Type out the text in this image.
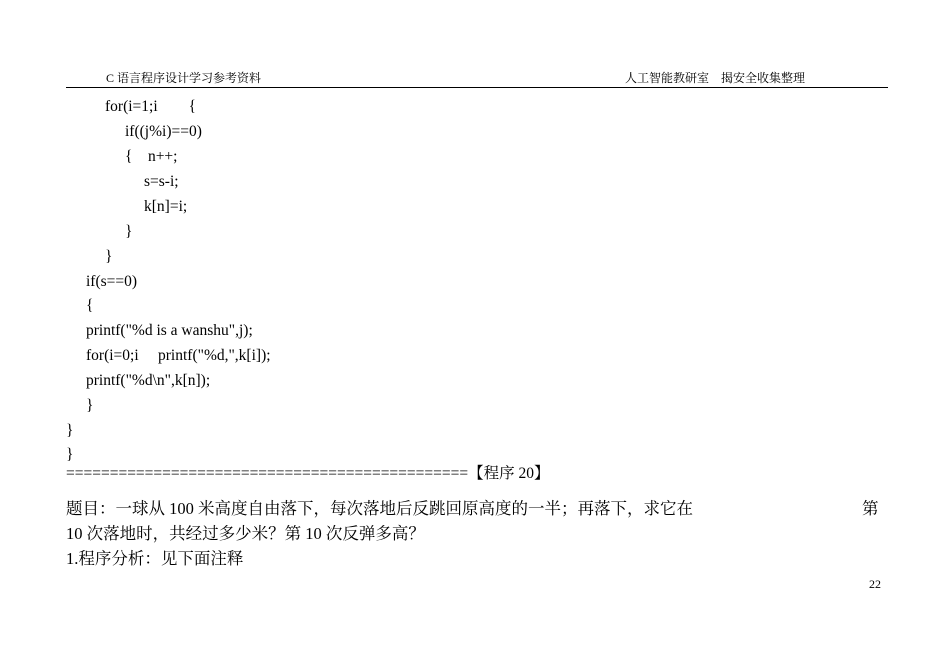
C 语言程序设计学习参考资料	人工智能教研室　揭安全收集整理
for(i=1;i        {
if((j%i)==0)
{    n++;
s=s-i;
k[n]=i;
}
}
if(s==0)
{
printf("%d is a wanshu",j);
for(i=0;i     printf("%d,",k[i]);
printf("%d\n",k[n]);
}
}
}
==============================================【程序 20】
题目：一球从 100 米高度自由落下，每次落地后反跳回原高度的一半；再落下，求它在	第
10 次落地时，共经过多少米？第 10 次反弹多高？
1.程序分析：见下面注释
22
